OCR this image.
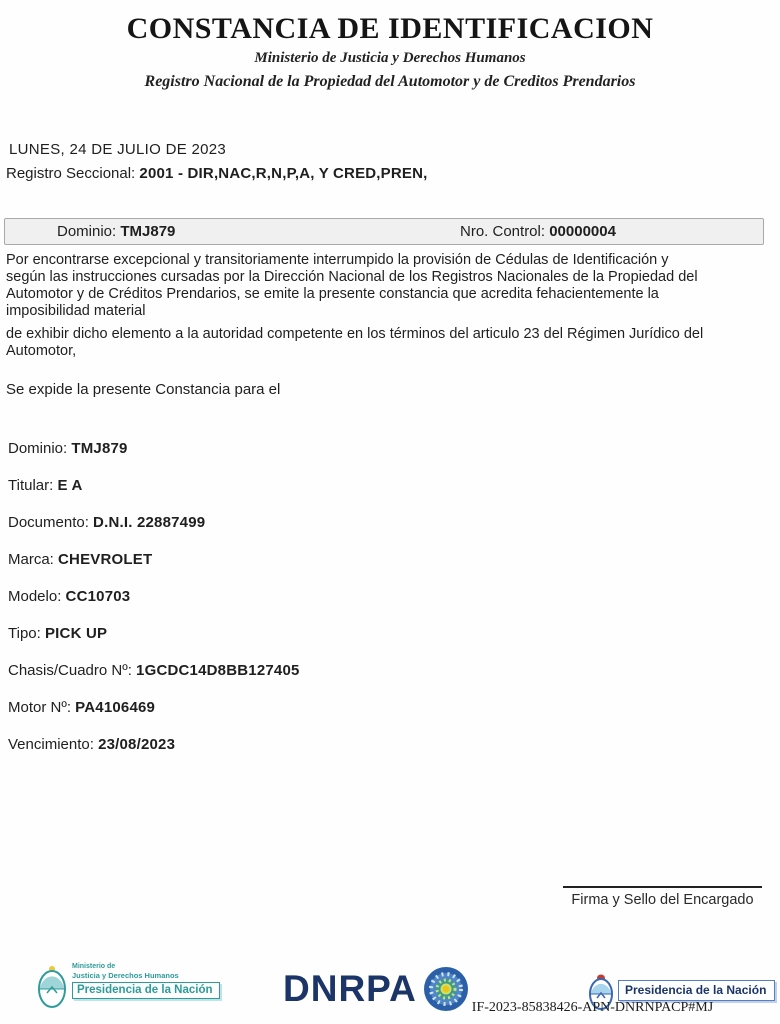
CONSTANCIA DE IDENTIFICACION
Ministerio de Justicia y Derechos Humanos
Registro Nacional de la Propiedad del Automotor y de Creditos Prendarios
LUNES, 24 DE JULIO DE 2023
Registro Seccional: 2001 - DIR,NAC,R,N,P,A, Y CRED,PREN,
Dominio: TMJ879	Nro. Control: 00000004
Por encontrarse excepcional y transitoriamente interrumpido la provisión de Cédulas de Identificación y
según las instrucciones cursadas por la Dirección Nacional de los Registros Nacionales de la Propiedad del
Automotor y de Créditos Prendarios, se emite la presente constancia que acredita fehacientemente la
imposibilidad material
de exhibir dicho elemento a la autoridad competente en los términos del articulo 23 del Régimen Jurídico del
Automotor,
Se expide la presente Constancia para el
Dominio: TMJ879
Titular: E A
Documento: D.N.I. 22887499
Marca: CHEVROLET
Modelo: CC10703
Tipo: PICK UP
Chasis/Cuadro Nº: 1GCDC14D8BB127405
Motor Nº: PA4106469
Vencimiento: 23/08/2023
Firma y Sello del Encargado
Ministerio de
Justicia y Derechos Humanos
Presidencia de la Nación DNRPA	Presidencia de la Nación
IF-2023-85838426-APN-DNRNPACP#MJ
